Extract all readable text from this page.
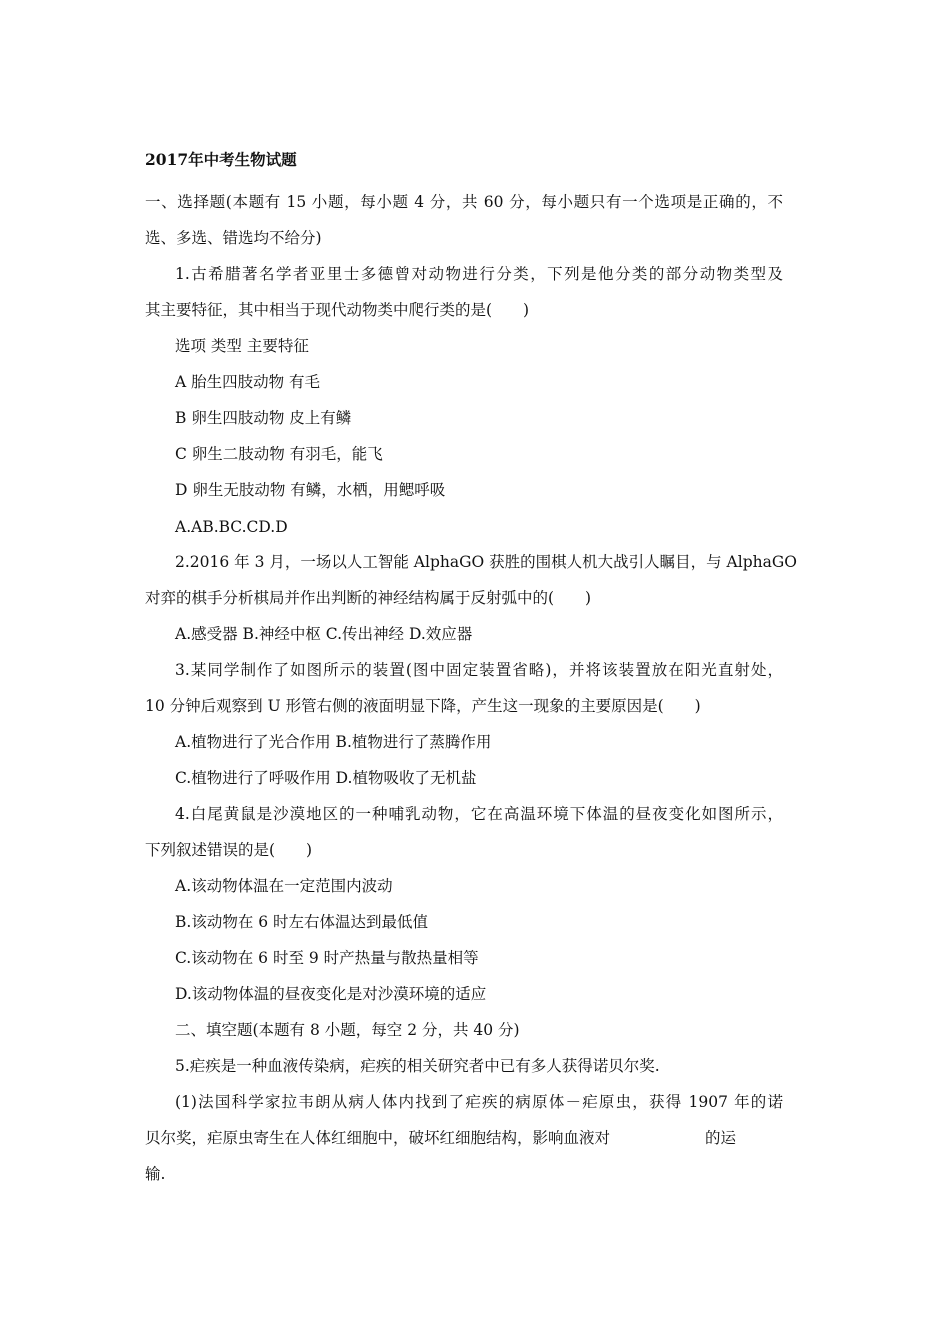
2017年中考生物试题

一、选择题(本题有 15 小题，每小题 4 分，共 60 分，每小题只有一个选项是正确的，不

选、多选、错选均不给分)

1.古希腊著名学者亚里士多德曾对动物进行分类，下列是他分类的部分动物类型及

其主要特征，其中相当于现代动物类中爬行类的是(　　)

选项 类型 主要特征

A 胎生四肢动物 有毛

B 卵生四肢动物 皮上有鳞

C 卵生二肢动物 有羽毛，能飞

D 卵生无肢动物 有鳞，水栖，用鳃呼吸

A.AB.BC.CD.D

2.2016 年 3 月，一场以人工智能 AlphaGO 获胜的围棋人机大战引人瞩目，与 AlphaGO

对弈的棋手分析棋局并作出判断的神经结构属于反射弧中的(　　)

A.感受器 B.神经中枢 C.传出神经 D.效应器

3.某同学制作了如图所示的装置(图中固定装置省略)，并将该装置放在阳光直射处，

10 分钟后观察到 U 形管右侧的液面明显下降，产生这一现象的主要原因是(　　)

A.植物进行了光合作用 B.植物进行了蒸腾作用

C.植物进行了呼吸作用 D.植物吸收了无机盐

4.白尾黄鼠是沙漠地区的一种哺乳动物，它在高温环境下体温的昼夜变化如图所示，

下列叙述错误的是(　　)

A.该动物体温在一定范围内波动

B.该动物在 6 时左右体温达到最低值

C.该动物在 6 时至 9 时产热量与散热量相等

D.该动物体温的昼夜变化是对沙漠环境的适应

二、填空题(本题有 8 小题，每空 2 分，共 40 分)

5.疟疾是一种血液传染病，疟疾的相关研究者中已有多人获得诺贝尔奖.

(1)法国科学家拉韦朗从病人体内找到了疟疾的病原体－疟原虫，获得 1907 年的诺

贝尔奖，疟原虫寄生在人体红细胞中，破坏红细胞结构，影响血液对	的运

输.
